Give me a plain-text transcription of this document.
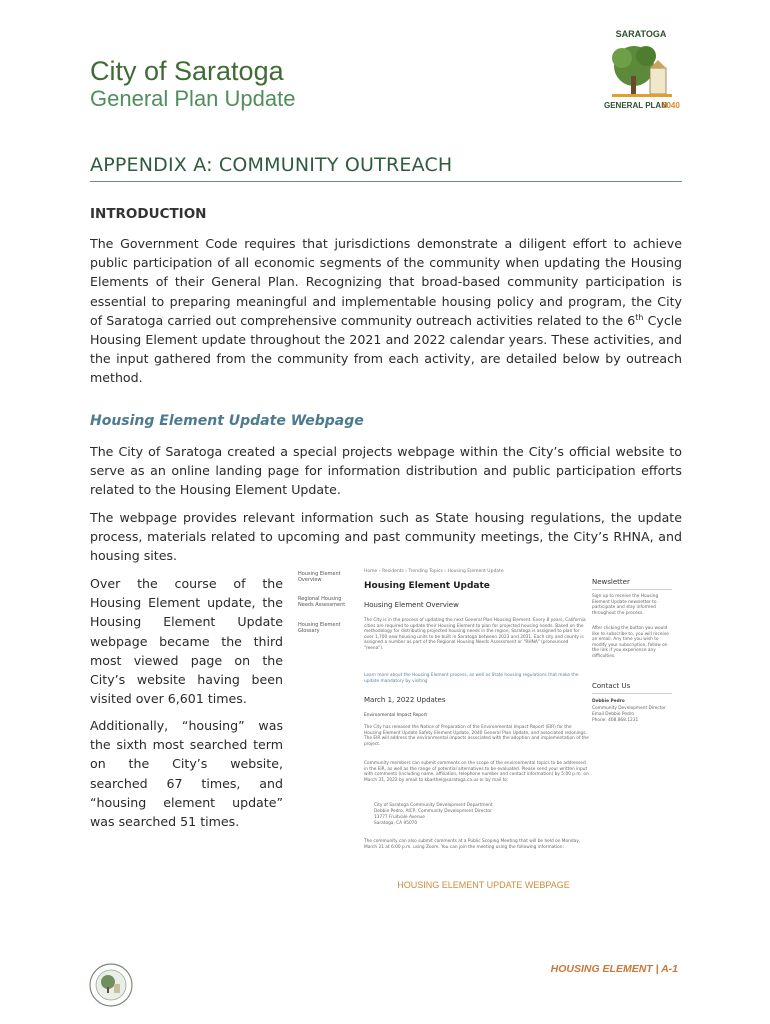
City of Saratoga
General Plan Update
SARATOGA
GENERAL PLAN
2040
APPENDIX A: COMMUNITY OUTREACH
INTRODUCTION
The Government Code requires that jurisdictions demonstrate a diligent effort to achieve public participation of all economic segments of the community when updating the Housing Elements of their General Plan. Recognizing that broad-based community participation is essential to preparing meaningful and implementable housing policy and program, the City of Saratoga carried out comprehensive community outreach activities related to the 6th Cycle Housing Element update throughout the 2021 and 2022 calendar years. These activities, and the input gathered from the community from each activity, are detailed below by outreach method.
Housing Element Update Webpage
The City of Saratoga created a special projects webpage within the City’s official website to serve as an online landing page for information distribution and public participation efforts related to the Housing Element Update.
The webpage provides relevant information such as State housing regulations, the update process, materials related to upcoming and past community meetings, the City’s RHNA, and housing sites.
Over the course of the Housing Element update, the Housing Element Update webpage became the third most viewed page on the City’s website having been visited over 6,601 times.
Additionally, “housing” was the sixth most searched term on the City’s website, searched 67 times, and “housing element update” was searched 51 times.
Housing Element Overview
Regional Housing Needs Assessment
Housing Element Glossary
Home › Residents › Trending Topics › Housing Element Update
Housing Element Update
Housing Element Overview
The City is in the process of updating the next General Plan Housing Element. Every 8 years, California cities are required to update their Housing Element to plan for projected housing needs. Based on the methodology for distributing projected housing needs in the region, Saratoga is assigned to plan for over 1,700 new housing units to be built in Saratoga between 2023 and 2031. Each city and county is assigned a number as part of the Regional Housing Needs Assessment or "RHNA" (pronounced "reena").
Learn more about the Housing Element process, as well as State housing regulations that make the update mandatory by visiting
March 1, 2022 Updates
Environmental Impact Report
The City has released the Notice of Preparation of the Environmental Impact Report (EIR) for the Housing Element Update Safety Element Update, 2040 General Plan Update, and associated rezonings. The EIR will address the environmental impacts associated with the adoption and implementation of the project.
Community members can submit comments on the scope of the environmental topics to be addressed in the EIR, as well as the range of potential alternatives to be evaluated. Please send your written input with comments (including name, affiliation, telephone number and contact information) by 5:00 p.m. on March 31, 2022 by email to kbarthel@saratoga.ca.us or by mail to:
City of Saratoga Community Development Department
Debbie Pedro, AICP, Community Development Director
13777 Fruitvale Avenue
Saratoga, CA 95070
The community can also submit comments at a Public Scoping Meeting that will be held on Monday, March 21 at 6:00 p.m. using Zoom. You can join the meeting using the following information:
Newsletter
Sign up to receive the Housing Element Update newsletter to participate and stay informed throughout the process.
After clicking the button you would like to subscribe to, you will receive an email. Any time you wish to modify your subscription, follow on the link if you experience any difficulties.
Contact Us
Debbie Pedro
Community Development Director
Email Debbie Pedro
Phone: 408.868.1231
HOUSING ELEMENT UPDATE WEBPAGE
HOUSING ELEMENT | A-1
